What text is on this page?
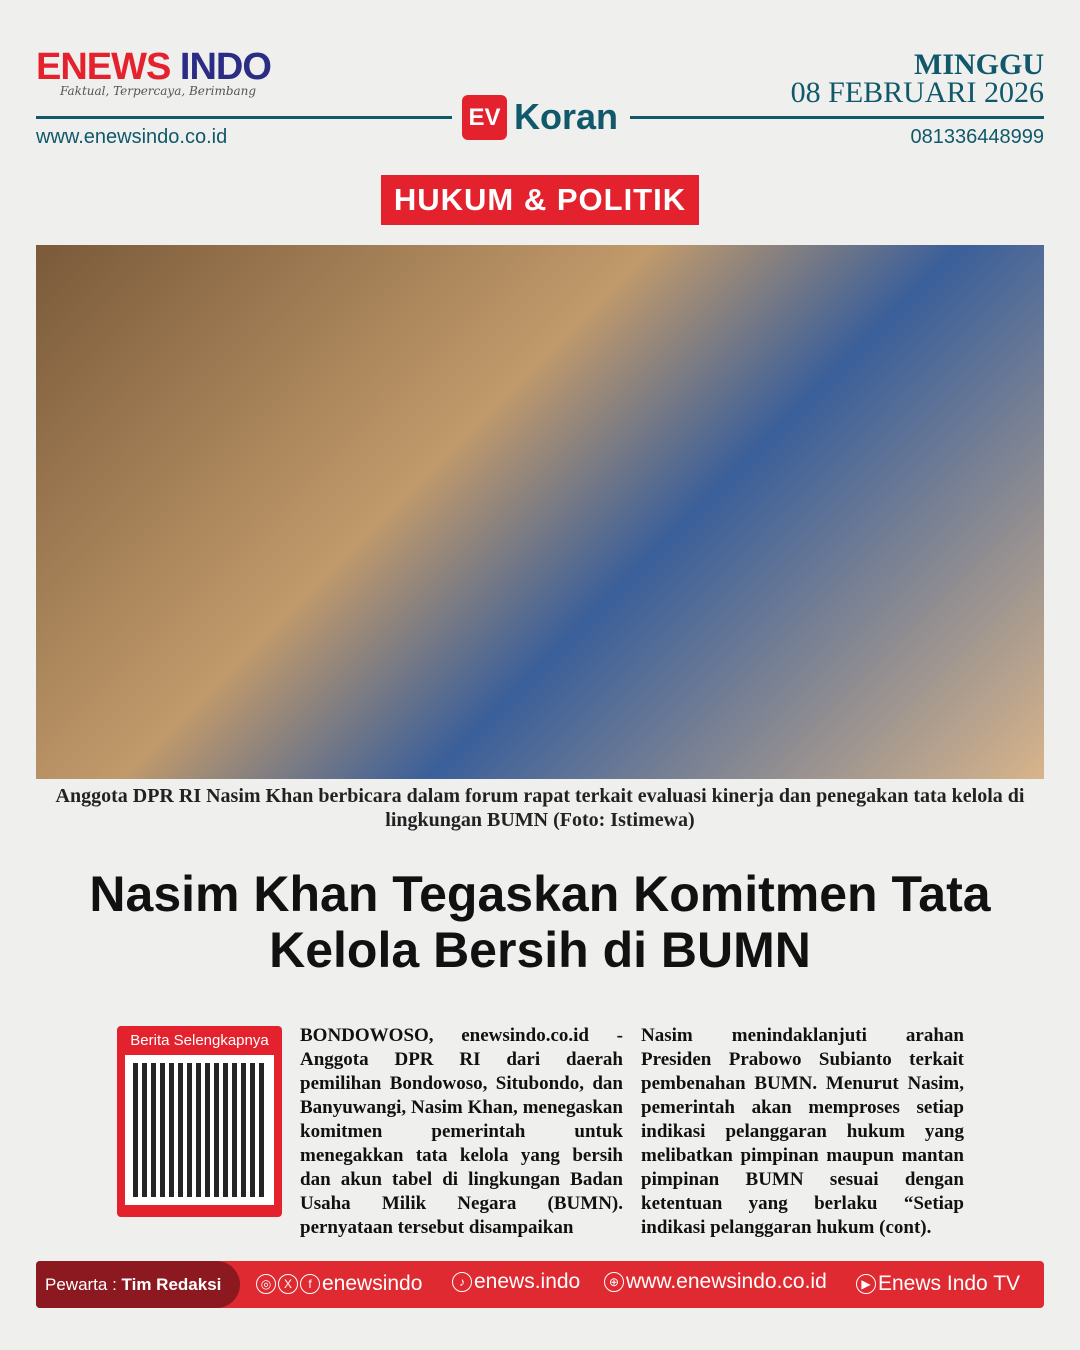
ENEWS INDO
Faktual, Terpercaya, Berimbang
www.enewsindo.co.id
EV Koran
MINGGU
08 FEBRUARI 2026
081336448999
HUKUM & POLITIK
Anggota DPR RI Nasim Khan berbicara dalam forum rapat terkait evaluasi kinerja dan penegakan tata kelola di lingkungan BUMN (Foto: Istimewa)
Nasim Khan Tegaskan Komitmen Tata Kelola Bersih di BUMN
Berita Selengkapnya	BONDOWOSO, enewsindo.co.id - Anggota DPR RI dari daerah pemilihan Bondowoso, Situbondo, dan Banyuwangi, Nasim Khan, menegaskan komitmen pemerintah untuk menegakkan tata kelola yang bersih dan akun tabel di lingkungan Badan Usaha Milik Negara (BUMN). pernyataan tersebut disampaikan
Nasim menindaklanjuti arahan Presiden Prabowo Subianto terkait pembenahan BUMN. Menurut Nasim, pemerintah akan memproses setiap indikasi pelanggaran hukum yang melibatkan pimpinan maupun mantan pimpinan BUMN sesuai dengan ketentuan yang berlaku “Setiap indikasi pelanggaran hukum (cont).
Pewarta : Tim Redaksi	◎ X f enewsindo	♪ enews.indo	⊕ www.enewsindo.co.id	▶ Enews Indo TV
